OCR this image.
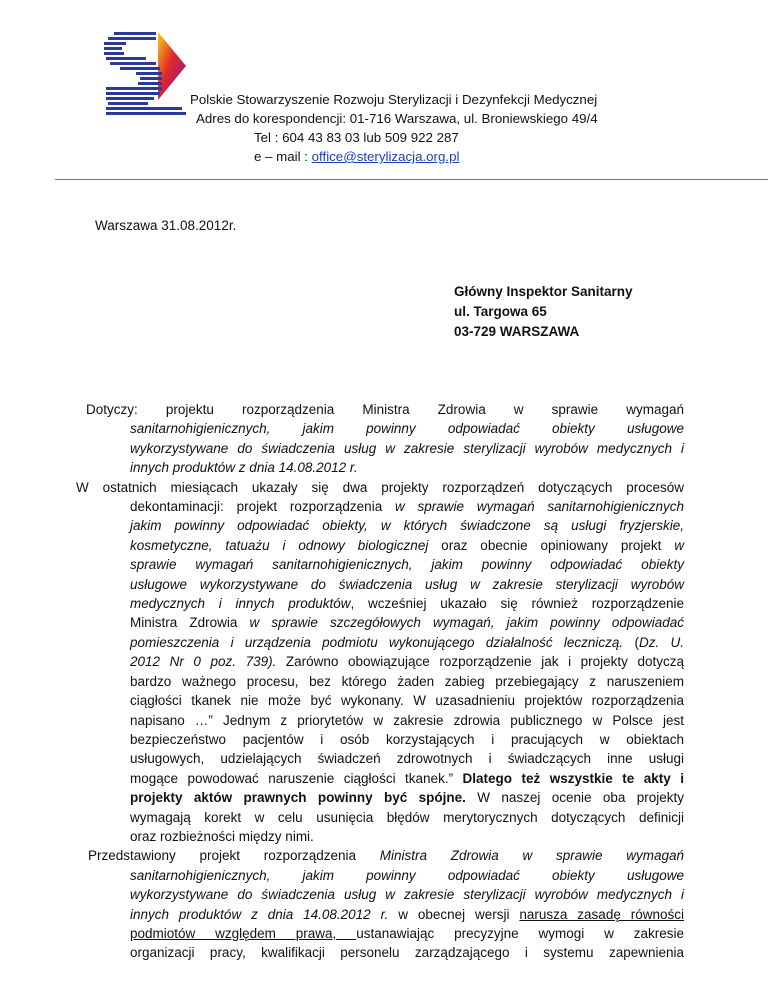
Polskie Stowarzyszenie Rozwoju Sterylizacji i Dezynfekcji Medycznej
Adres do korespondencji: 01-716 Warszawa, ul. Broniewskiego 49/4
Tel : 604 43 83 03 lub 509 922 287
e – mail : office@sterylizacja.org.pl
Warszawa 31.08.2012r.
Główny Inspektor Sanitarny
ul. Targowa 65
03-729 WARSZAWA
Dotyczy: projektu rozporządzenia Ministra Zdrowia w sprawie wymagań
sanitarnohigienicznych, jakim powinny odpowiadać obiekty usługowe
wykorzystywane do świadczenia usług w zakresie sterylizacji wyrobów medycznych i
innych produktów z dnia 14.08.2012 r.
W ostatnich miesiącach ukazały się dwa projekty rozporządzeń dotyczących procesów
dekontaminacji: projekt rozporządzenia w sprawie wymagań sanitarnohigienicznych
jakim powinny odpowiadać obiekty, w których świadczone są usługi fryzjerskie,
kosmetyczne, tatuażu i odnowy biologicznej oraz obecnie opiniowany projekt w
sprawie wymagań sanitarnohigienicznych, jakim powinny odpowiadać obiekty
usługowe wykorzystywane do świadczenia usług w zakresie sterylizacji wyrobów
medycznych i innych produktów, wcześniej ukazało się również rozporządzenie
Ministra Zdrowia w sprawie szczegółowych wymagań, jakim powinny odpowiadać
pomieszczenia i urządzenia podmiotu wykonującego działalność leczniczą. (Dz. U.
2012 Nr 0 poz. 739). Zarówno obowiązujące rozporządzenie jak i projekty dotyczą
bardzo ważnego procesu, bez którego żaden zabieg przebiegający z naruszeniem
ciągłości tkanek nie może być wykonany. W uzasadnieniu projektów rozporządzenia
napisano …” Jednym z priorytetów w zakresie zdrowia publicznego w Polsce jest
bezpieczeństwo pacjentów i osób korzystających i pracujących w obiektach
usługowych, udzielających świadczeń zdrowotnych i świadczących inne usługi
mogące powodować naruszenie ciągłości tkanek.” Dlatego też wszystkie te akty i
projekty aktów prawnych powinny być spójne. W naszej ocenie oba projekty
wymagają korekt w celu usunięcia błędów merytorycznych dotyczących definicji
oraz rozbieżności między nimi.
Przedstawiony projekt rozporządzenia Ministra Zdrowia w sprawie wymagań
sanitarnohigienicznych, jakim powinny odpowiadać obiekty usługowe
wykorzystywane do świadczenia usług w zakresie sterylizacji wyrobów medycznych i
innych produktów z dnia 14.08.2012 r. w obecnej wersji narusza zasadę równości
podmiotów względem prawa, ustanawiając precyzyjne wymogi w zakresie
organizacji pracy, kwalifikacji personelu zarządzającego i systemu zapewnienia
